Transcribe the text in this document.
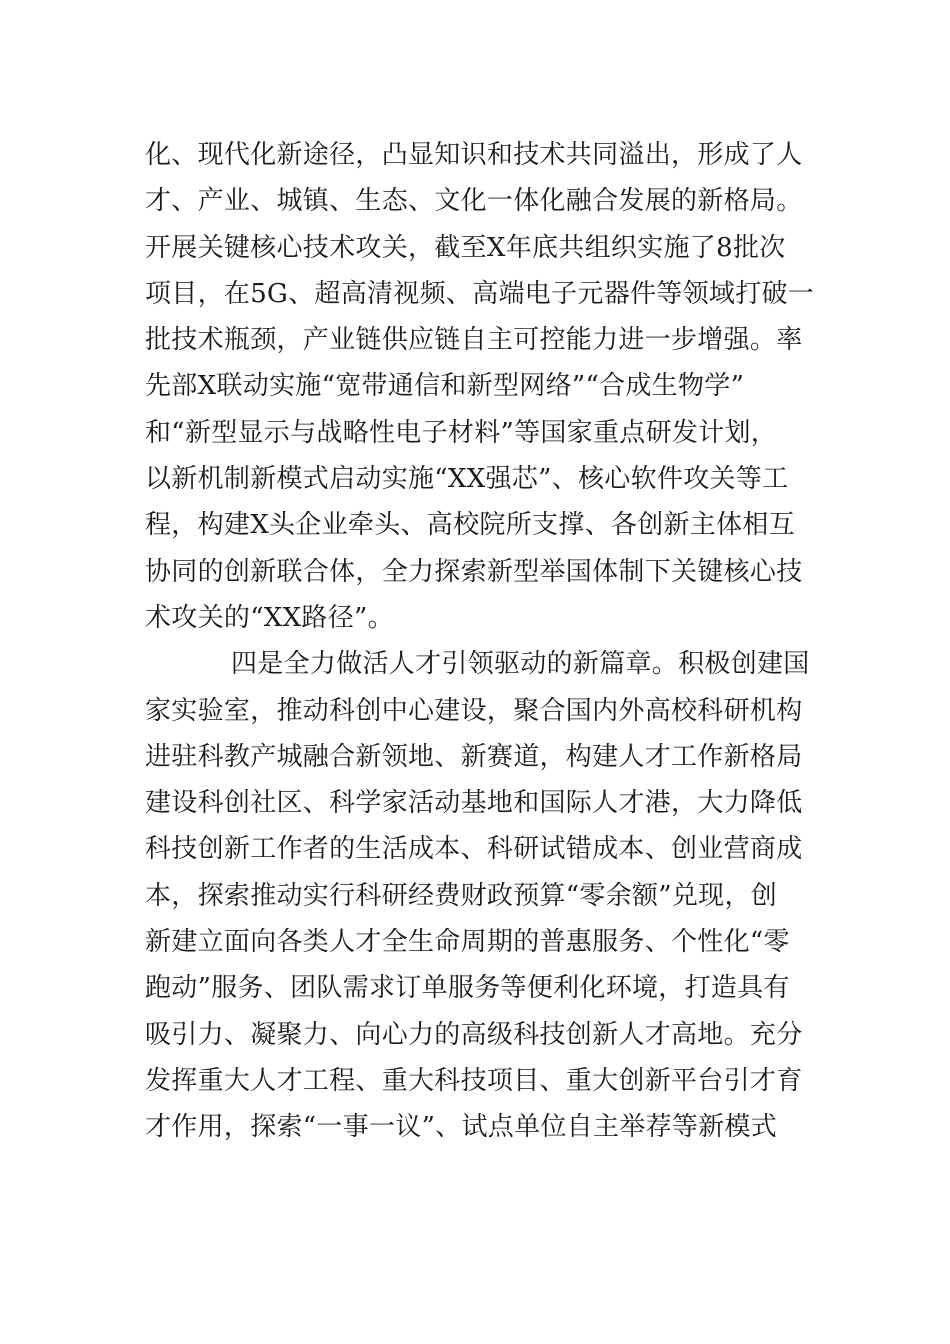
化、现代化新途径，凸显知识和技术共同溢出，形成了人
才、产业、城镇、生态、文化一体化融合发展的新格局。
开展关键核心技术攻关，截至X年底共组织实施了8批次
项目，在5G、超高清视频、高端电子元器件等领域打破一
批技术瓶颈，产业链供应链自主可控能力进一步增强。率
先部X联动实施“宽带通信和新型网络”“合成生物学”
和“新型显示与战略性电子材料”等国家重点研发计划，
以新机制新模式启动实施“XX强芯”、核心软件攻关等工
程，构建X头企业牵头、高校院所支撑、各创新主体相互
协同的创新联合体，全力探索新型举国体制下关键核心技
术攻关的“XX路径”。
四是全力做活人才引领驱动的新篇章。积极创建国
家实验室，推动科创中心建设，聚合国内外高校科研机构
进驻科教产城融合新领地、新赛道，构建人才工作新格局
建设科创社区、科学家活动基地和国际人才港，大力降低
科技创新工作者的生活成本、科研试错成本、创业营商成
本，探索推动实行科研经费财政预算“零余额”兑现，创
新建立面向各类人才全生命周期的普惠服务、个性化“零
跑动”服务、团队需求订单服务等便利化环境，打造具有
吸引力、凝聚力、向心力的高级科技创新人才高地。充分
发挥重大人才工程、重大科技项目、重大创新平台引才育
才作用，探索“一事一议”、试点单位自主举荐等新模式
